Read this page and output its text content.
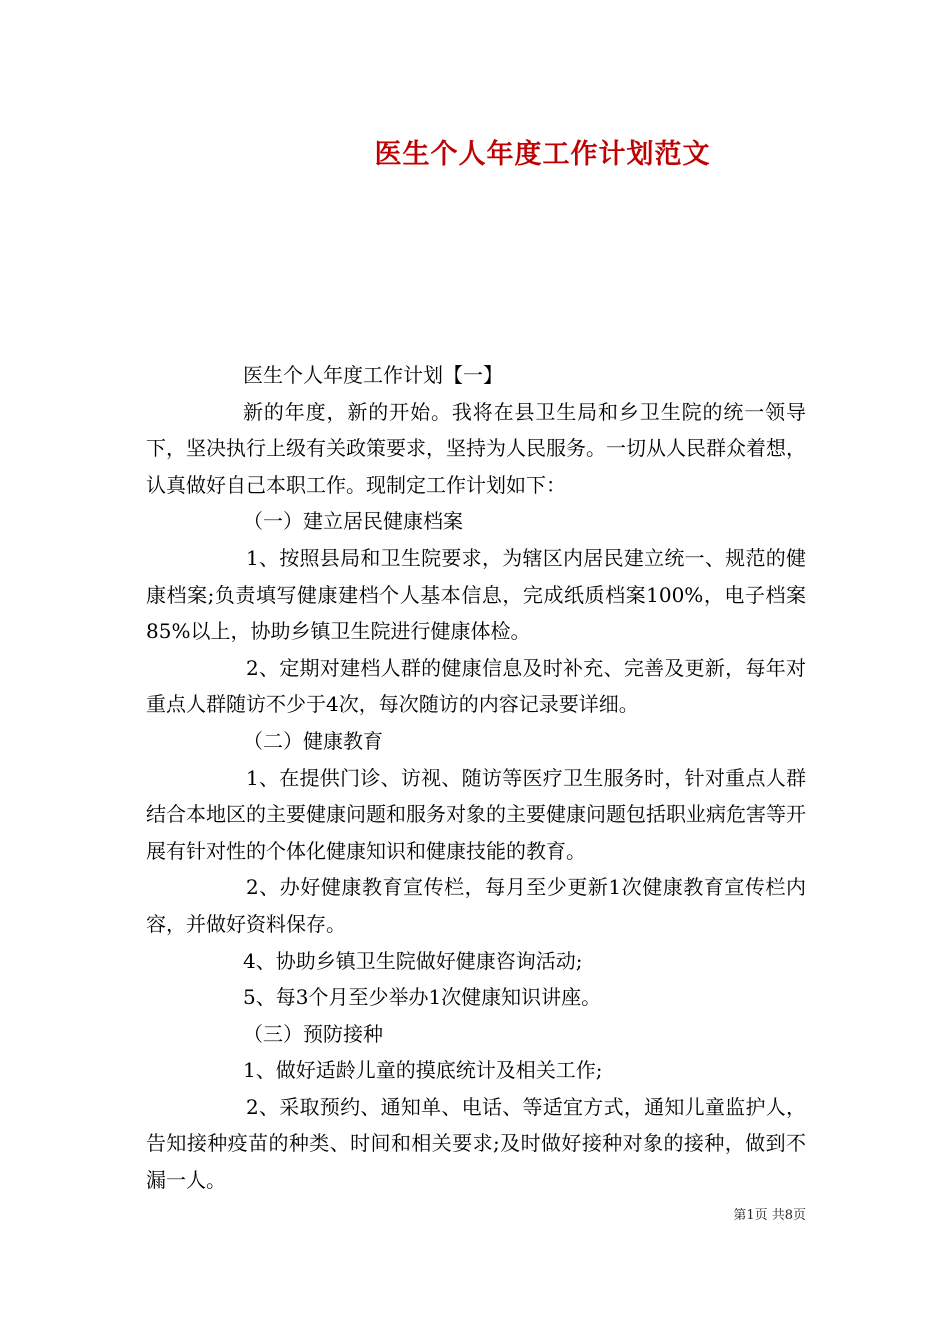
医生个人年度工作计划范文

医生个人年度工作计划【一】

新的年度，新的开始。我将在县卫生局和乡卫生院的统一领导下，坚决执行上级有关政策要求，坚持为人民服务。一切从人民群众着想，认真做好自己本职工作。现制定工作计划如下：

（一）建立居民健康档案

1、按照县局和卫生院要求，为辖区内居民建立统一、规范的健康档案;负责填写健康建档个人基本信息，完成纸质档案100%，电子档案85%以上，协助乡镇卫生院进行健康体检。

2、定期对建档人群的健康信息及时补充、完善及更新，每年对重点人群随访不少于4次，每次随访的内容记录要详细。

（二）健康教育

1、在提供门诊、访视、随访等医疗卫生服务时，针对重点人群结合本地区的主要健康问题和服务对象的主要健康问题包括职业病危害等开展有针对性的个体化健康知识和健康技能的教育。

2、办好健康教育宣传栏，每月至少更新1次健康教育宣传栏内容，并做好资料保存。

4、协助乡镇卫生院做好健康咨询活动;

5、每3个月至少举办1次健康知识讲座。

（三）预防接种

1、做好适龄儿童的摸底统计及相关工作;

2、采取预约、通知单、电话、等适宜方式，通知儿童监护人，告知接种疫苗的种类、时间和相关要求;及时做好接种对象的接种，做到不漏一人。

第1页 共8页
